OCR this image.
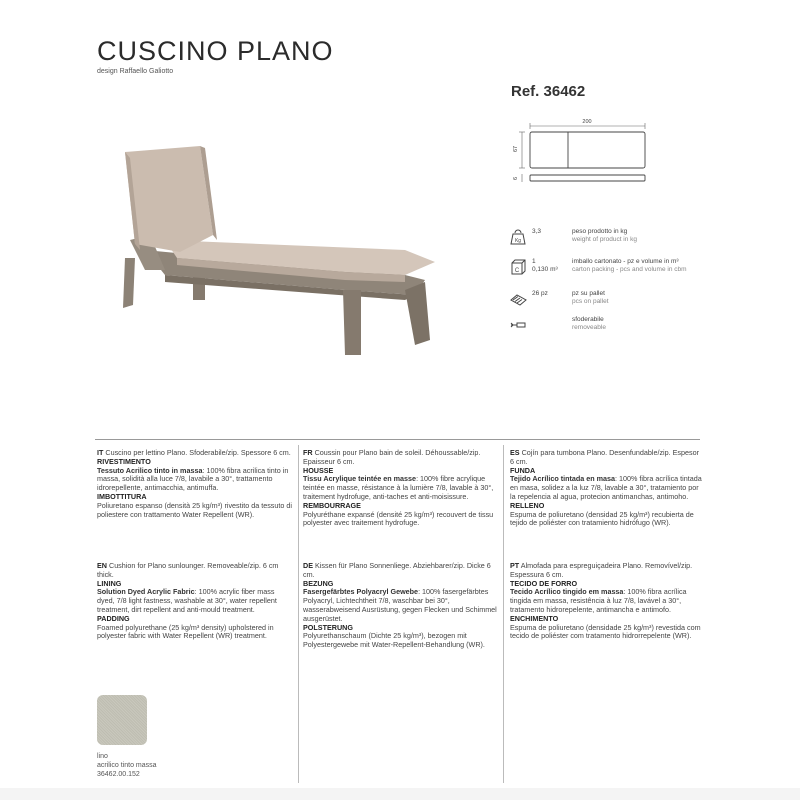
CUSCINO PLANO
design Raffaello Galiotto
Ref. 36462
200
67
6
Kg
3,3	peso prodotto in kg
weight of product in kg
C
1
0,130 m³
imballo cartonato - pz e volume in m³
carton packing - pcs and volume in cbm
26 pz	pz su pallet
pcs on pallet
sfoderabile
removeable

IT Cuscino per lettino Plano. Sfoderabile/zip. Spessore 6 cm.

RIVESTIMENTO

Tessuto Acrilico tinto in massa: 100% fibra acrilica tinto in massa, solidità alla luce 7/8, lavabile a 30°, trattamento idrorepellente, antimacchia, antimuffa.

IMBOTTITURA

Poliuretano espanso (densità 25 kg/m³) rivestito da tessuto di poliestere con trattamento Water Repellent (WR).

FR Coussin pour Plano bain de soleil. Déhoussable/zip. Epaisseur 6 cm.

HOUSSE

Tissu Acrylique teintée en masse: 100% fibre acrylique teintée en masse, résistance à la lumière 7/8, lavable à 30°, traitement hydrofuge, anti-taches et anti-moisissure.

REMBOURRAGE

Polyuréthane expansé (densité 25 kg/m³) recouvert de tissu polyester avec traitement hydrofuge.

ES Cojín para tumbona Plano. Desenfundable/zip. Espesor 6 cm.

FUNDA

Tejido Acrílico tintada en masa: 100% fibra acrílica tintada en masa, solidez a la luz 7/8, lavable a 30°, tratamiento por la repelencia al agua, protecion antimanchas, antimoho.

RELLENO

Espuma de poliuretano (densidad 25 kg/m³) recubierta de tejido de poliéster con tratamiento hidrófugo (WR).

EN Cushion for Plano sunlounger. Removeable/zip. 6 cm thick.

LINING

Solution Dyed Acrylic Fabric: 100% acrylic fiber mass dyed, 7/8 light fastness, washable at 30°, water repellent treatment, dirt repellent and anti-mould treatment.

PADDING

Foamed polyurethane (25 kg/m³ density) upholstered in polyester fabric with Water Repellent (WR) treatment.

DE Kissen für Plano Sonnenliege. Abziehbarer/zip. Dicke 6 cm.

BEZUNG

Fasergefärbtes Polyacryl Gewebe: 100% fasergefärbtes Polyacryl, Lichtechtheit 7/8, waschbar bei 30°, wasserabweisend Ausrüstung, gegen Flecken und Schimmel ausgerüstet.

POLSTERUNG

Polyurethanschaum (Dichte 25 kg/m³), bezogen mit Polyestergewebe mit Water-Repellent-Behandlung (WR).

PT Almofada para espreguiçadeira Plano. Removível/zip. Espessura 6 cm.

TECIDO DE FORRO

Tecido Acrílico tingido em massa: 100% fibra acrílica tingida em massa, resistência à luz 7/8, lavável a 30°, tratamento hidrorepelente, antimancha e antimofo.

ENCHIMENTO

Espuma de poliuretano (densidade 25 kg/m³) revestida com tecido de poliéster com tratamento hidrorrepelente (WR).

lino
acrilico tinto massa
36462.00.152
